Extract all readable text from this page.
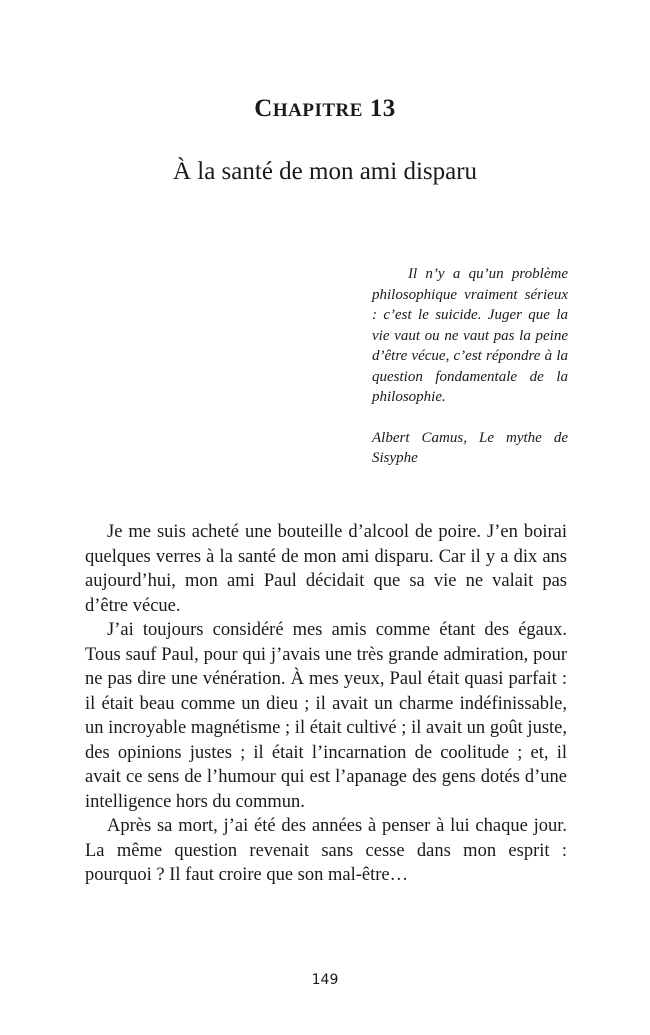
CHAPITRE 13
À la santé de mon ami disparu

Il n’y a qu’un problème philosophique vraiment sérieux : c’est le suicide. Juger que la vie vaut ou ne vaut pas la peine d’être vécue, c’est répondre à la question fondamentale de la philosophie.

Albert Camus, Le mythe de Sisyphe

Je me suis acheté une bouteille d’alcool de poire. J’en boirai quelques verres à la santé de mon ami disparu. Car il y a dix ans aujourd’hui, mon ami Paul décidait que sa vie ne valait pas d’être vécue.

J’ai toujours considéré mes amis comme étant des égaux. Tous sauf Paul, pour qui j’avais une très grande admiration, pour ne pas dire une vénération. À mes yeux, Paul était quasi parfait : il était beau comme un dieu ; il avait un charme indéfinissable, un incroyable magnétisme ; il était cultivé ; il avait un goût juste, des opinions justes ; il était l’incarnation de coolitude ; et, il avait ce sens de l’humour qui est l’apanage des gens dotés d’une intelligence hors du commun.

Après sa mort, j’ai été des années à penser à lui chaque jour. La même question revenait sans cesse dans mon esprit : pourquoi ? Il faut croire que son mal-être…

149
